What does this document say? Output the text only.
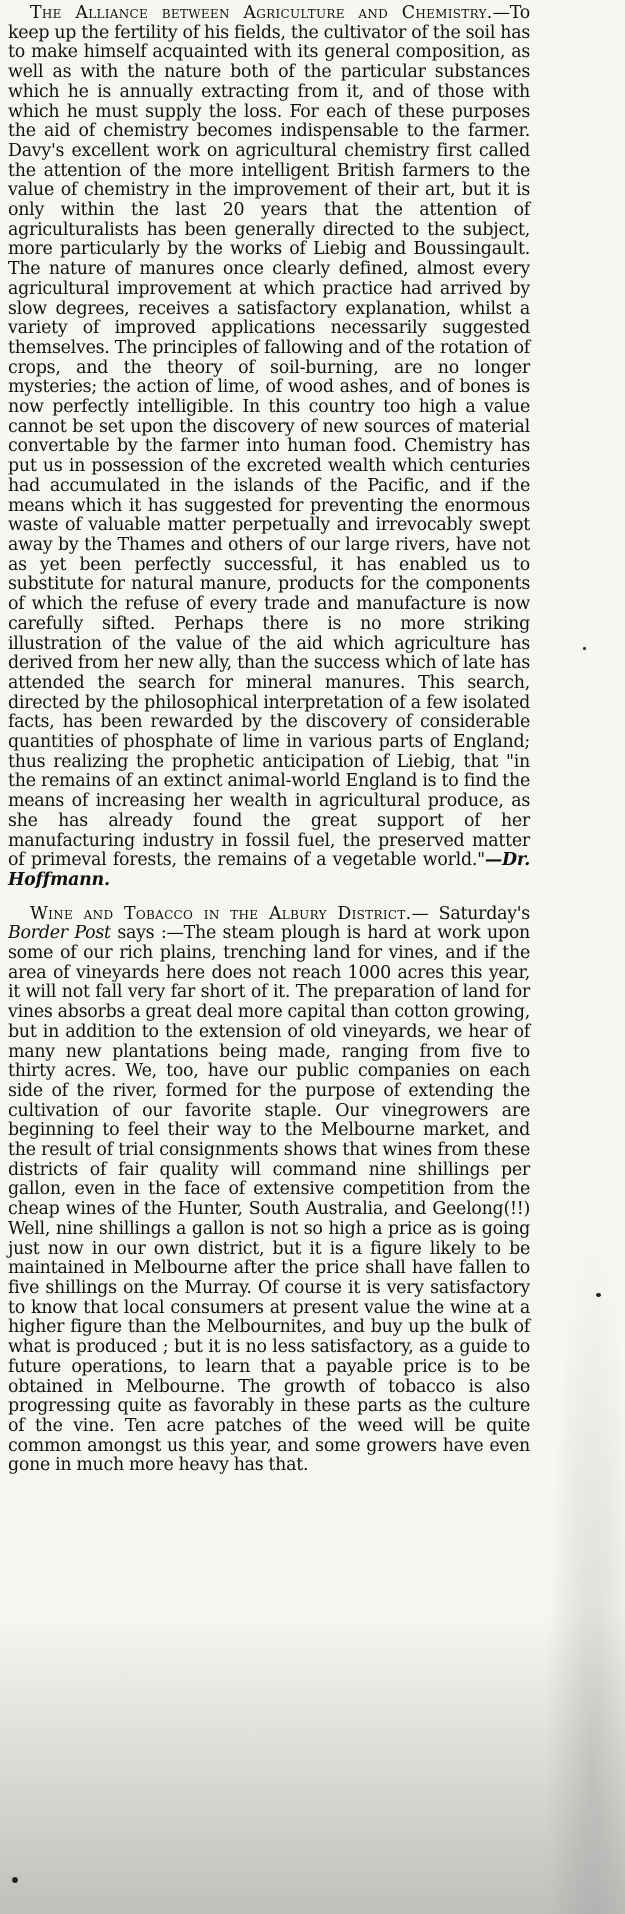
The Alliance between Agriculture and Chemistry.—To keep up the fertility of his fields, the cultivator of the soil has to make himself acquainted with its general composition, as well as with the nature both of the particular substances which he is annually extracting from it, and of those with which he must supply the loss. For each of these purposes the aid of chemistry becomes indispensable to the farmer. Davy's excellent work on agricultural chemistry first called the attention of the more intelligent British farmers to the value of chemistry in the improvement of their art, but it is only within the last 20 years that the attention of agriculturalists has been generally directed to the subject, more particularly by the works of Liebig and Boussingault. The nature of manures once clearly defined, almost every agricultural improvement at which practice had arrived by slow degrees, receives a satisfactory explanation, whilst a variety of improved applications necessarily suggested themselves. The principles of fallowing and of the rotation of crops, and the theory of soil-burning, are no longer mysteries; the action of lime, of wood ashes, and of bones is now perfectly intelligible. In this country too high a value cannot be set upon the discovery of new sources of material convertable by the farmer into human food. Chemistry has put us in possession of the excreted wealth which centuries had accumulated in the islands of the Pacific, and if the means which it has suggested for preventing the enormous waste of valuable matter perpetually and irrevocably swept away by the Thames and others of our large rivers, have not as yet been perfectly successful, it has enabled us to substitute for natural manure, products for the components of which the refuse of every trade and manufacture is now carefully sifted. Perhaps there is no more striking illustration of the value of the aid which agriculture has derived from her new ally, than the success which of late has attended the search for mineral manures. This search, directed by the philosophical interpretation of a few isolated facts, has been rewarded by the discovery of considerable quantities of phosphate of lime in various parts of England; thus realizing the prophetic anticipation of Liebig, that "in the remains of an extinct animal-world England is to find the means of increasing her wealth in agricultural produce, as she has already found the great support of her manufacturing industry in fossil fuel, the preserved matter of primeval forests, the remains of a vegetable world."—Dr. Hoffmann.

Wine and Tobacco in the Albury District.— Saturday's Border Post says :—The steam plough is hard at work upon some of our rich plains, trenching land for vines, and if the area of vineyards here does not reach 1000 acres this year, it will not fall very far short of it. The preparation of land for vines absorbs a great deal more capital than cotton growing, but in addition to the extension of old vineyards, we hear of many new plantations being made, ranging from five to thirty acres. We, too, have our public companies on each side of the river, formed for the purpose of extending the cultivation of our favorite staple. Our vinegrowers are beginning to feel their way to the Melbourne market, and the result of trial consignments shows that wines from these districts of fair quality will command nine shillings per gallon, even in the face of extensive competition from the cheap wines of the Hunter, South Australia, and Geelong(!!) Well, nine shillings a gallon is not so high a price as is going just now in our own district, but it is a figure likely to be maintained in Melbourne after the price shall have fallen to five shillings on the Murray. Of course it is very satisfactory to know that local consumers at present value the wine at a higher figure than the Melbournites, and buy up the bulk of what is produced ; but it is no less satisfactory, as a guide to future operations, to learn that a payable price is to be obtained in Melbourne. The growth of tobacco is also progressing quite as favorably in these parts as the culture of the vine. Ten acre patches of the weed will be quite common amongst us this year, and some growers have even gone in much more heavy has that.
